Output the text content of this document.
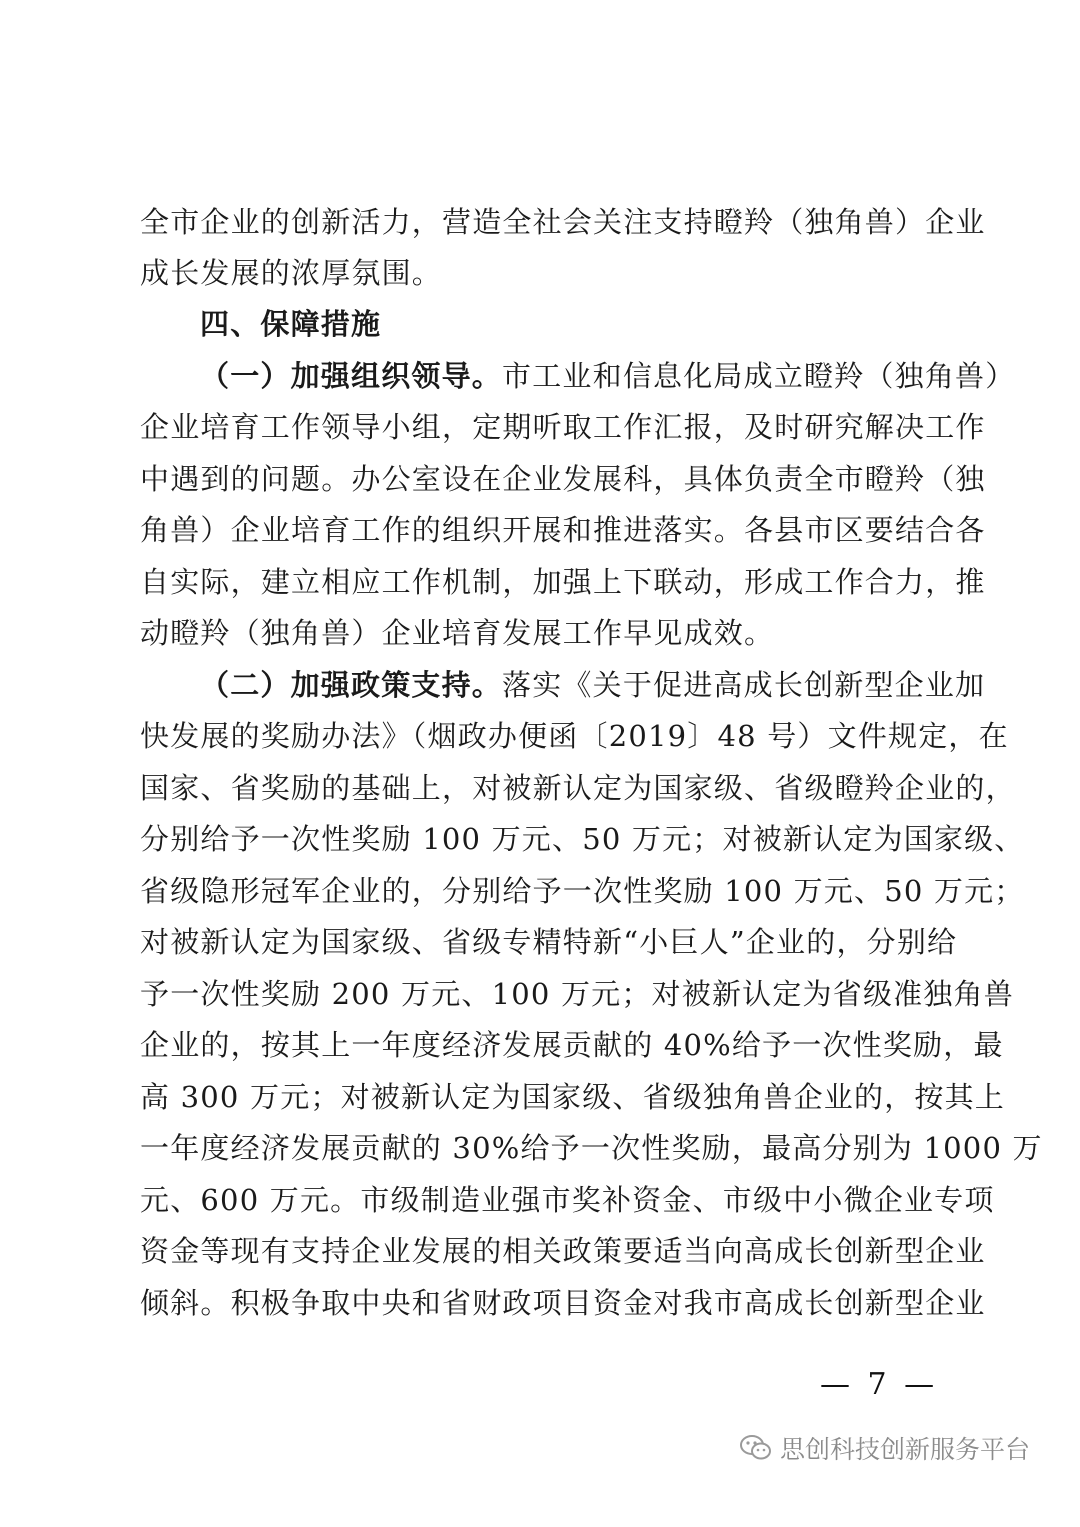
全市企业的创新活力，营造全社会关注支持瞪羚（独角兽）企业
成长发展的浓厚氛围。
四、保障措施
（一）加强组织领导。市工业和信息化局成立瞪羚（独角兽）
企业培育工作领导小组，定期听取工作汇报，及时研究解决工作
中遇到的问题。办公室设在企业发展科，具体负责全市瞪羚（独
角兽）企业培育工作的组织开展和推进落实。各县市区要结合各
自实际，建立相应工作机制，加强上下联动，形成工作合力，推
动瞪羚（独角兽）企业培育发展工作早见成效。
（二）加强政策支持。落实《关于促进高成长创新型企业加
快发展的奖励办法》（烟政办便函〔2019〕48 号）文件规定，在
国家、省奖励的基础上，对被新认定为国家级、省级瞪羚企业的，
分别给予一次性奖励 100 万元、50 万元；对被新认定为国家级、
省级隐形冠军企业的，分别给予一次性奖励 100 万元、50 万元；
对被新认定为国家级、省级专精特新“小巨人”企业的，分别给
予一次性奖励 200 万元、100 万元；对被新认定为省级准独角兽
企业的，按其上一年度经济发展贡献的 40%给予一次性奖励，最
高 300 万元；对被新认定为国家级、省级独角兽企业的，按其上
一年度经济发展贡献的 30%给予一次性奖励，最高分别为 1000 万
元、600 万元。市级制造业强市奖补资金、市级中小微企业专项
资金等现有支持企业发展的相关政策要适当向高成长创新型企业
倾斜。积极争取中央和省财政项目资金对我市高成长创新型企业
— 7 —
思创科技创新服务平台
